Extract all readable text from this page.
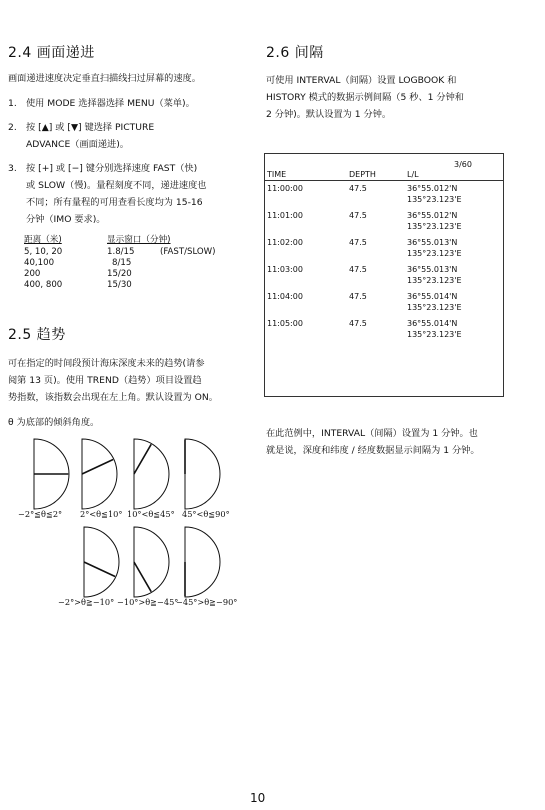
2.4 画面递进
画面递进速度决定垂直扫描线扫过屏幕的速度。
1. 使用 MODE 选择器选择 MENU（菜单)。
2. 按 [▲] 或 [▼] 键选择 PICTURE
ADVANCE（画面递进)。
3. 按 [+] 或 [−] 键分别选择速度 FAST（快)
或 SLOW（慢)。量程刻度不同，递进速度也
不同；所有量程的可用查看长度均为 15-16
分钟（IMO 要求)。
距离（米)	显示窗口（分钟)
5, 10, 20	1.8/15	(FAST/SLOW)
40,100	8/15
200	15/20
400, 800	15/30
2.5 趋势
可在指定的时间段预计海床深度未来的趋势(请参
阅第 13 页)。使用 TREND（趋势）项目设置趋
势指数，该指数会出现在左上角。默认设置为 ON。
θ 为底部的倾斜角度。
−2°≦θ≦2° 2°<θ≦10° 10°<θ≦45° 45°<θ≦90°
−2°>θ≧−10° −10°>θ≧−45°
−45°>θ≧−90°
2.6 间隔
可使用 INTERVAL（间隔）设置 LOGBOOK 和
HISTORY 模式的数据示例间隔（5 秒、1 分钟和
2 分钟)。默认设置为 1 分钟。
3/60
TIME	DEPTH	L/L
11:00:00	47.5	36°55.012'N
135°23.123'E
11:01:00	47.5	36°55.012'N
135°23.123'E
11:02:00	47.5	36°55.013'N
135°23.123'E
11:03:00	47.5	36°55.013'N
135°23.123'E
11:04:00	47.5	36°55.014'N
135°23.123'E
11:05:00	47.5	36°55.014'N
135°23.123'E
在此范例中，INTERVAL（间隔）设置为 1 分钟。也
就是说，深度和纬度 / 经度数据显示间隔为 1 分钟。
10
